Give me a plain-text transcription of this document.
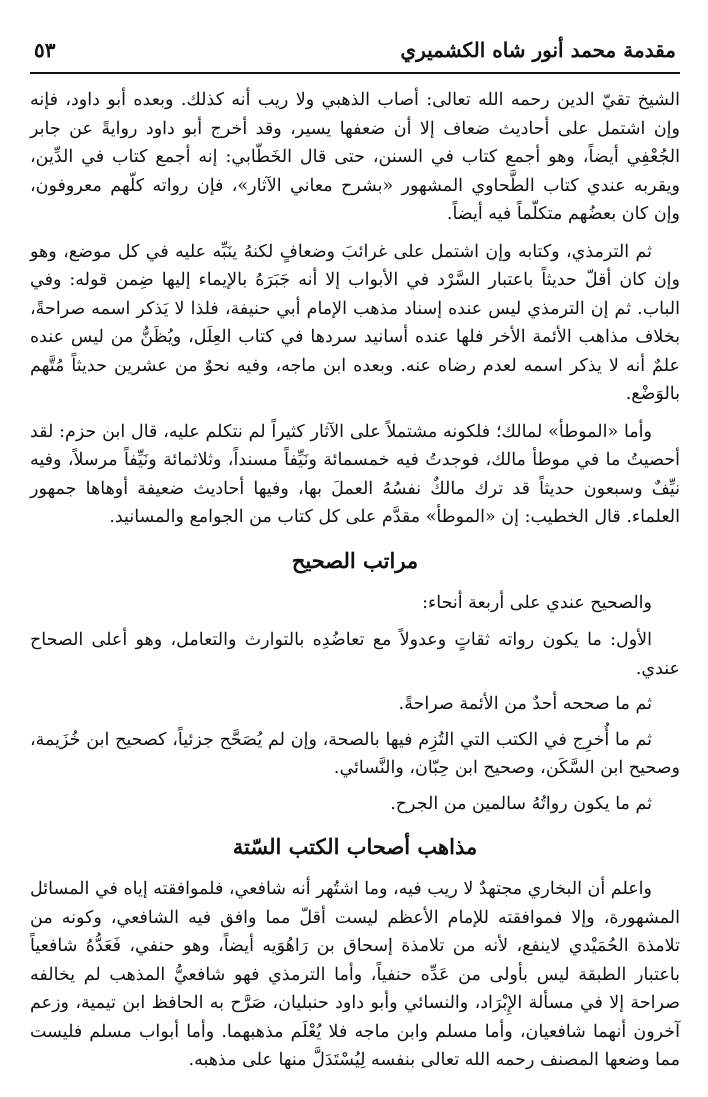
مقدمة محمد أنور شاه الكشميري
٥٣

الشيخ تقيّ الدين رحمه الله تعالى: أصاب الذهبي ولا ريب أنه كذلك. وبعده أبو داود، فإنه وإن اشتمل على أحاديث ضعاف إلا أن ضعفها يسير، وقد أخرج أبو داود روايةً عن جابر الجُعْفِي أيضاً، وهو أجمع كتاب في السنن، حتى قال الخَطّابي: إنه أجمع كتاب في الدِّين، ويقربه عندي كتاب الطَّحاوي المشهور «بشرح معاني الآثار»، فإن رواته كلّهم معروفون، وإن كان بعضُهم متكلّماً فيه أيضاً.

ثم الترمذي، وكتابه وإن اشتمل على غرائبَ وضعافٍ لكنهُ ينَبِّه عليه في كل موضع، وهو وإن كان أقلّ حديثاً باعتبار السَّرْد في الأبواب إلا أنه جَبَرَهُ بالإيماء إليها ضِمن قوله: وفي الباب. ثم إن الترمذي ليس عنده إسناد مذهب الإمام أبي حنيفة، فلذا لا يَذكر اسمه صراحةً، بخلاف مذاهب الأئمة الأخر فلها عنده أسانيد سردها في كتاب العِلَل، ويُظَنُّ من ليس عنده علمٌ أنه لا يذكر اسمه لعدم رضاه عنه. وبعده ابن ماجه، وفيه نحوٌ من عشرين حديثاً مُتَّهم بالوَضْع.

وأما «الموطأ» لمالك؛ فلكونه مشتملاً على الآثار كثيراً لم نتكلم عليه، قال ابن حزم: لقد أحصيتُ ما في موطأ مالك، فوجدتُ فيه خمسمائة ونَيِّفاً مسنداً، وثلاثمائة ونَيِّفاً مرسلاً، وفيه نيِّفٌ وسبعون حديثاً قد ترك مالكٌ نفسُهُ العملَ بها، وفيها أحاديث ضعيفة أوهاها جمهور العلماء. قال الخطيب: إن «الموطأ» مقدَّم على كل كتاب من الجوامع والمسانيد.

مراتب الصحيح

والصحيح عندي على أربعة أنحاء:

الأول: ما يكون رواته ثقاتٍ وعدولاً مع تعاضُدِه بالتوارث والتعامل، وهو أعلى الصحاح عندي.

ثم ما صححه أحدٌ من الأئمة صراحةً.

ثم ما أُخرِج في الكتب التي التُزِم فيها بالصحة، وإن لم يُصَحَّح جزئياً، كصحيح ابن خُزَيمة، وصحيح ابن السَّكَن، وصحيح ابن حِبّان، والنَّسائي.

ثم ما يكون رواتُهُ سالمين من الجرح.

مذاهب أصحاب الكتب السّتة

واعلم أن البخاري مجتهدٌ لا ريب فيه، وما اشتُهر أنه شافعي، فلموافقته إياه في المسائل المشهورة، وإلا فموافقته للإمام الأعظم ليست أقلّ مما وافق فيه الشافعي، وكونه من تلامذة الحُمَيْدي لاينفع، لأنه من تلامذة إسحاق بن رَاهُوَيه أيضاً، وهو حنفي، فَعَدُّهُ شافعياً باعتبار الطبقة ليس بأولى من عَدِّه حنفياً، وأما الترمذي فهو شافعيُّ المذهب لم يخالفه صراحة إلا في مسألة الإِبْرَاد، والنسائي وأبو داود حنبليان، صَرَّح به الحافظ ابن تيمية، وزعم آخرون أنهما شافعيان، وأما مسلم وابن ماجه فلا يُعْلَم مذهبهما. وأما أبواب مسلم فليست مما وضعها المصنف رحمه الله تعالى بنفسه لِيُسْتَدَلَّ منها على مذهبه.
